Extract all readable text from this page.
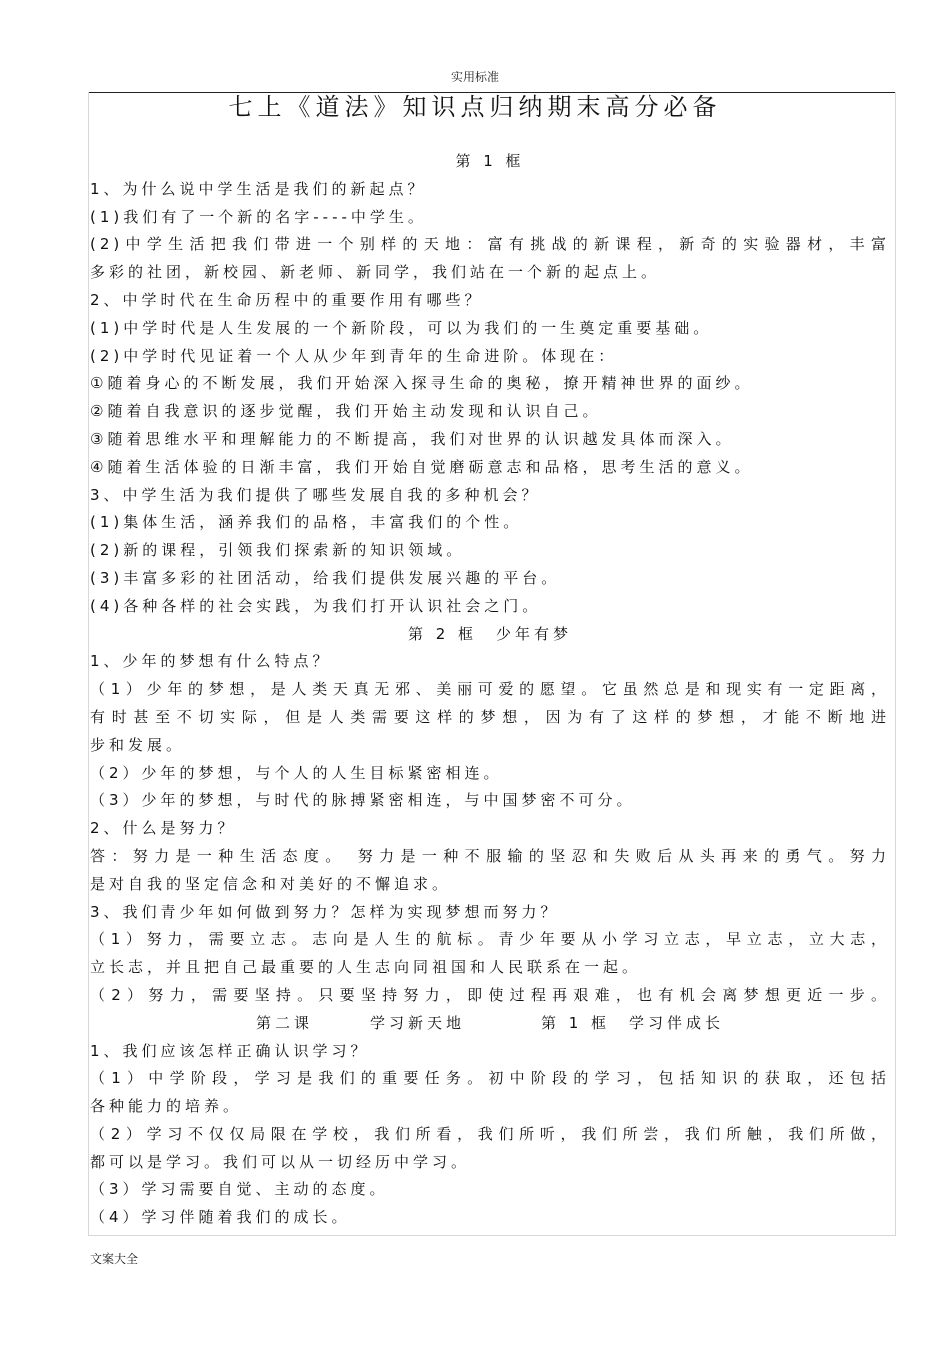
实用标准
七上《道法》知识点归纳期末高分必备

第 1 框

1、为什么说中学生活是我们的新起点？

(1)我们有了一个新的名字----中学生。

(2)中学生活把我们带进一个别样的天地：富有挑战的新课程，新奇的实验器材，丰富

多彩的社团，新校园、新老师、新同学，我们站在一个新的起点上。

2、中学时代在生命历程中的重要作用有哪些？

(1)中学时代是人生发展的一个新阶段，可以为我们的一生奠定重要基础。

(2)中学时代见证着一个人从少年到青年的生命进阶。体现在：

①随着身心的不断发展，我们开始深入探寻生命的奥秘，撩开精神世界的面纱。

②随着自我意识的逐步觉醒，我们开始主动发现和认识自己。

③随着思维水平和理解能力的不断提高，我们对世界的认识越发具体而深入。

④随着生活体验的日渐丰富，我们开始自觉磨砺意志和品格，思考生活的意义。

3、中学生活为我们提供了哪些发展自我的多种机会？

(1)集体生活，涵养我们的品格，丰富我们的个性。

(2)新的课程，引领我们探索新的知识领域。

(3)丰富多彩的社团活动，给我们提供发展兴趣的平台。

(4)各种各样的社会实践，为我们打开认识社会之门。

第 2 框　少年有梦

1、少年的梦想有什么特点？

（1）少年的梦想，是人类天真无邪、美丽可爱的愿望。它虽然总是和现实有一定距离，

有时甚至不切实际，但是人类需要这样的梦想，因为有了这样的梦想，才能不断地进

步和发展。

（2）少年的梦想，与个人的人生目标紧密相连。

（3）少年的梦想，与时代的脉搏紧密相连，与中国梦密不可分。

2、什么是努力？

答：努力是一种生活态度。 努力是一种不服输的坚忍和失败后从头再来的勇气。努力

是对自我的坚定信念和对美好的不懈追求。

3、我们青少年如何做到努力？怎样为实现梦想而努力？

（1）努力，需要立志。志向是人生的航标。青少年要从小学习立志，早立志，立大志，

立长志，并且把自己最重要的人生志向同祖国和人民联系在一起。

（2）努力，需要坚持。只要坚持努力，即使过程再艰难，也有机会离梦想更近一步。

第二课　　　学习新天地　　　　第 1 框　学习伴成长

1、我们应该怎样正确认识学习？

（1）中学阶段，学习是我们的重要任务。初中阶段的学习，包括知识的获取，还包括

各种能力的培养。

（2）学习不仅仅局限在学校，我们所看，我们所听，我们所尝，我们所触，我们所做，

都可以是学习。我们可以从一切经历中学习。

（3）学习需要自觉、主动的态度。

（4）学习伴随着我们的成长。

文案大全
